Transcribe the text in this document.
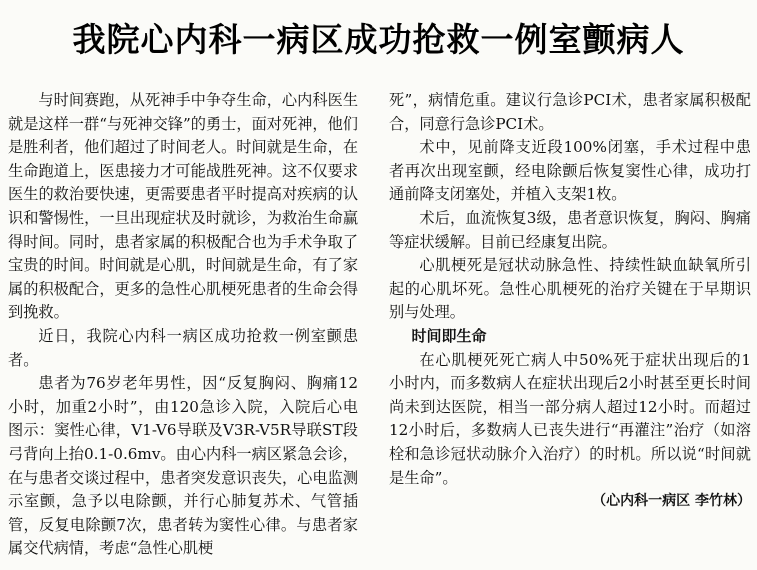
我院心内科一病区成功抢救一例室颤病人

与时间赛跑，从死神手中争夺生命，心内科医生就是这样一群“与死神交锋”的勇士，面对死神，他们是胜利者，他们超过了时间老人。时间就是生命，在生命跑道上，医患接力才可能战胜死神。这不仅要求医生的救治要快速，更需要患者平时提高对疾病的认识和警惕性，一旦出现症状及时就诊，为救治生命赢得时间。同时，患者家属的积极配合也为手术争取了宝贵的时间。时间就是心肌，时间就是生命，有了家属的积极配合，更多的急性心肌梗死患者的生命会得到挽救。

近日，我院心内科一病区成功抢救一例室颤患者。

患者为76岁老年男性，因“反复胸闷、胸痛12小时，加重2小时”，由120急诊入院，入院后心电图示：窦性心律，V1-V6导联及V3R-V5R导联ST段弓背向上抬0.1-0.6mv。由心内科一病区紧急会诊，在与患者交谈过程中，患者突发意识丧失，心电监测示室颤，急予以电除颤，并行心肺复苏术、气管插管，反复电除颤7次，患者转为窦性心律。与患者家属交代病情，考虑“急性心肌梗

死”，病情危重。建议行急诊PCI术，患者家属积极配合，同意行急诊PCI术。

术中，见前降支近段100%闭塞，手术过程中患者再次出现室颤，经电除颤后恢复窦性心律，成功打通前降支闭塞处，并植入支架1枚。

术后，血流恢复3级，患者意识恢复，胸闷、胸痛等症状缓解。目前已经康复出院。

心肌梗死是冠状动脉急性、持续性缺血缺氧所引起的心肌坏死。急性心肌梗死的治疗关键在于早期识别与处理。

时间即生命

在心肌梗死死亡病人中50%死于症状出现后的1小时内，而多数病人在症状出现后2小时甚至更长时间尚未到达医院，相当一部分病人超过12小时。而超过12小时后，多数病人已丧失进行“再灌注”治疗（如溶栓和急诊冠状动脉介入治疗）的时机。所以说“时间就是生命”。

（心内科一病区 李竹林）
